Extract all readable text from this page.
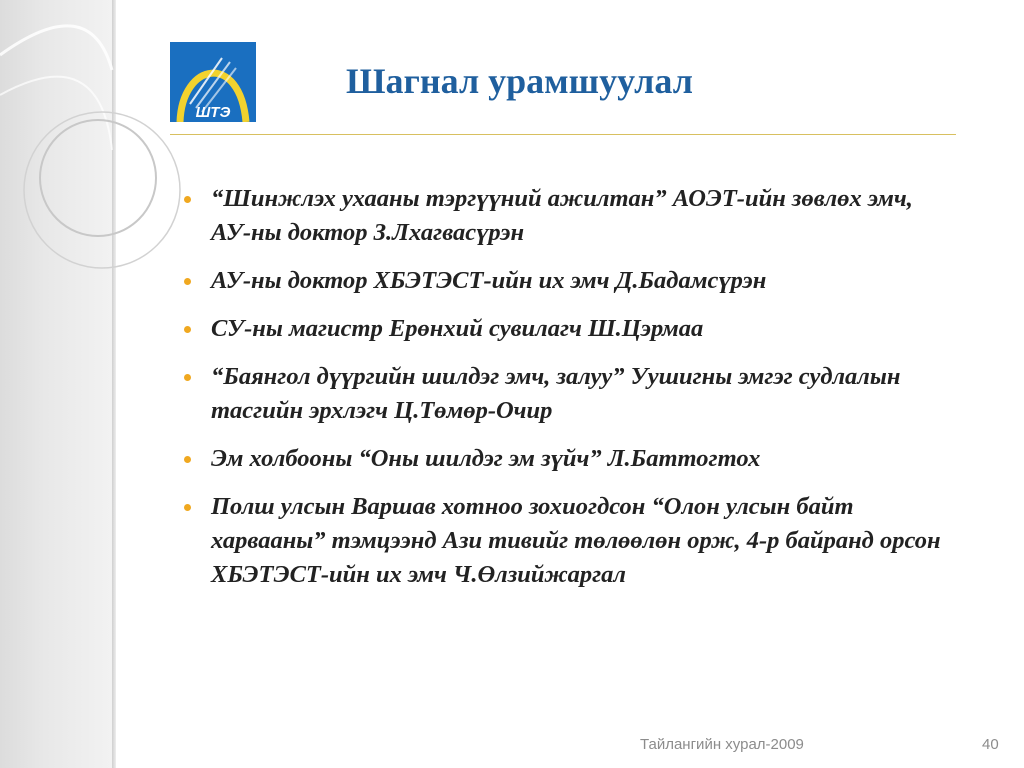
ШТЭ
Шагнал урамшуулал
“Шинжлэх ухааны тэргүүний ажилтан” АОЭТ-ийн зөвлөх эмч, АУ-ны доктор З.Лхагвасүрэн
АУ-ны доктор ХБЭТЭСТ-ийн их эмч Д.Бадамсүрэн
СУ-ны магистр Ерөнхий сувилагч Ш.Цэрмаа
“Баянгол дүүргийн шилдэг эмч, залуу” Уушигны эмгэг судлалын тасгийн эрхлэгч Ц.Төмөр-Очир
Эм холбооны “Оны шилдэг эм зүйч” Л.Баттогтох
Полш улсын Варшав хотноо зохиогдсон “Олон улсын байт харвааны” тэмцээнд Ази тивийг төлөөлөн орж, 4-р байранд орсон ХБЭТЭСТ-ийн их эмч Ч.Өлзийжаргал
Тайлангийн хурал-2009	40
